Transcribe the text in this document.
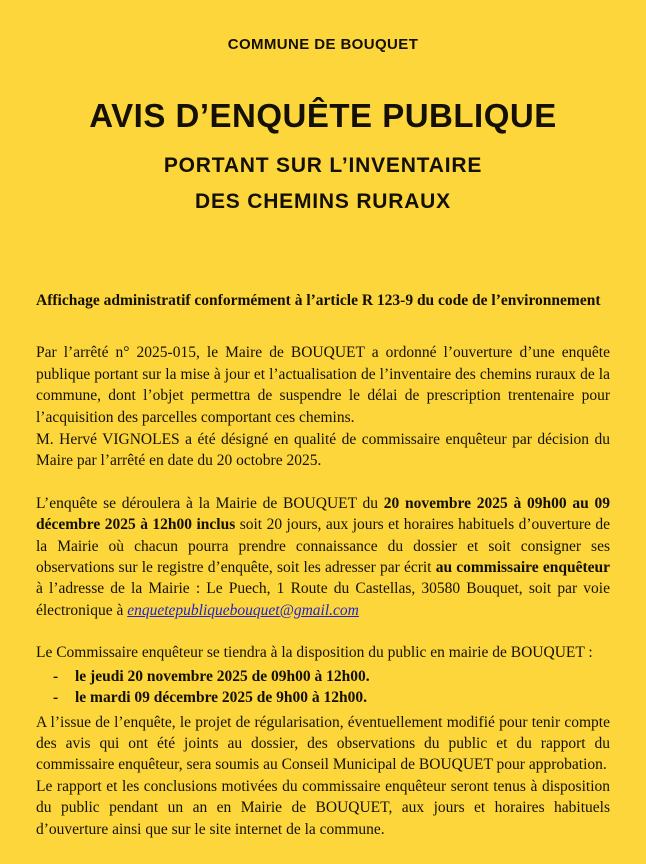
COMMUNE DE BOUQUET
AVIS D’ENQUÊTE PUBLIQUE
PORTANT SUR L’INVENTAIRE
DES CHEMINS RURAUX

Affichage administratif conformément à l’article R 123-9 du code de l’environnement

Par l’arrêté n° 2025-015, le Maire de BOUQUET a ordonné l’ouverture d’une enquête publique portant sur la mise à jour et l’actualisation de l’inventaire des chemins ruraux de la commune, dont l’objet permettra de suspendre le délai de prescription trentenaire pour l’acquisition des parcelles comportant ces chemins.

M. Hervé VIGNOLES a été désigné en qualité de commissaire enquêteur par décision du Maire par l’arrêté en date du 20 octobre 2025.

L’enquête se déroulera à la Mairie de BOUQUET du 20 novembre 2025 à 09h00 au 09 décembre 2025 à 12h00 inclus soit 20 jours, aux jours et horaires habituels d’ouverture de la Mairie où chacun pourra prendre connaissance du dossier et soit consigner ses observations sur le registre d’enquête, soit les adresser par écrit au commissaire enquêteur à l’adresse de la Mairie : Le Puech, 1 Route du Castellas, 30580 Bouquet, soit par voie électronique à enquetepubliquebouquet@gmail.com

Le Commissaire enquêteur se tiendra à la disposition du public en mairie de BOUQUET :

- le jeudi 20 novembre 2025 de 09h00 à 12h00.
- le mardi 09 décembre 2025 de 9h00 à 12h00.

A l’issue de l’enquête, le projet de régularisation, éventuellement modifié pour tenir compte des avis qui ont été joints au dossier, des observations du public et du rapport du commissaire enquêteur, sera soumis au Conseil Municipal de BOUQUET pour approbation.

Le rapport et les conclusions motivées du commissaire enquêteur seront tenus à disposition du public pendant un an en Mairie de BOUQUET, aux jours et horaires habituels d’ouverture ainsi que sur le site internet de la commune.
